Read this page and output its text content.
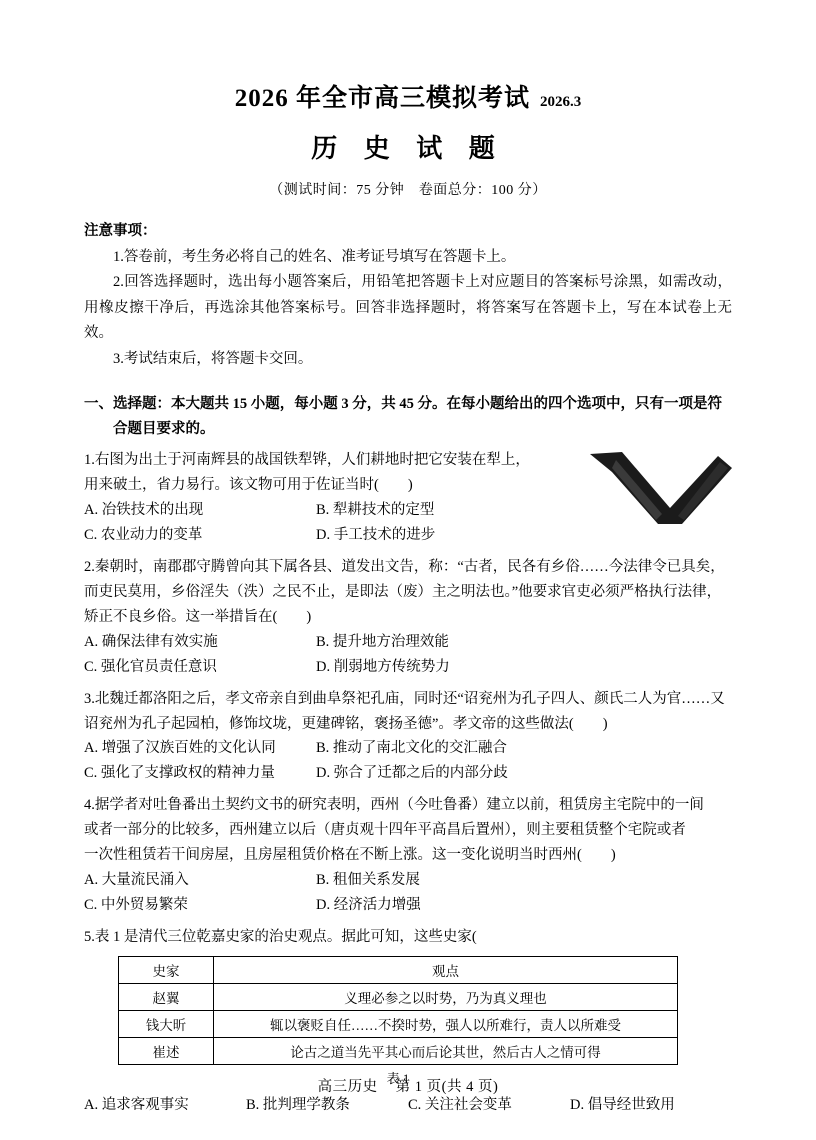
2026 年全市高三模拟考试 2026.3
历 史 试 题
（测试时间：75 分钟　卷面总分：100 分）
注意事项：

1.答卷前，考生务必将自己的姓名、准考证号填写在答题卡上。

2.回答选择题时，选出每小题答案后，用铅笔把答题卡上对应题目的答案标号涂黑，如需改动，用橡皮擦干净后，再选涂其他答案标号。回答非选择题时，将答案写在答题卡上，写在本试卷上无效。

3.考试结束后，将答题卡交回。

一、选择题：本大题共 15 小题，每小题 3 分，共 45 分。在每小题给出的四个选项中，只有一项是符
合题目要求的。
1.右图为出土于河南辉县的战国铁犁铧，人们耕地时把它安装在犁上，
用来破土，省力易行。该文物可用于佐证当时(　　)
A. 冶铁技术的出现	B. 犁耕技术的定型
C. 农业动力的变革	D. 手工技术的进步
2.秦朝时，南郡郡守腾曾向其下属各县、道发出文告，称：“古者，民各有乡俗……今法律令已具矣，
而吏民莫用，乡俗淫失（泆）之民不止，是即法（废）主之明法也。”他要求官吏必须严格执行法律，
矫正不良乡俗。这一举措旨在(　　)
A. 确保法律有效实施	B. 提升地方治理效能
C. 强化官员责任意识	D. 削弱地方传统势力
3.北魏迁都洛阳之后，孝文帝亲自到曲阜祭祀孔庙，同时还“诏兖州为孔子四人、颜氏二人为官……又
诏兖州为孔子起园柏，修饰坟垅，更建碑铭，褒扬圣德”。孝文帝的这些做法(　　)
A. 增强了汉族百姓的文化认同	B. 推动了南北文化的交汇融合
C. 强化了支撑政权的精神力量	D. 弥合了迁都之后的内部分歧
4.据学者对吐鲁番出土契约文书的研究表明，西州（今吐鲁番）建立以前，租赁房主宅院中的一间
或者一部分的比较多，西州建立以后（唐贞观十四年平高昌后置州），则主要租赁整个宅院或者
一次性租赁若干间房屋，且房屋租赁价格在不断上涨。这一变化说明当时西州(　　)
A. 大量流民涌入	B. 租佃关系发展
C. 中外贸易繁荣	D. 经济活力增强
5.表 1 是清代三位乾嘉史家的治史观点。据此可知，这些史家(
史家	观点
赵翼	义理必参之以时势，乃为真义理也
钱大昕	辄以褒贬自任……不揆时势，强人以所难行，责人以所难受
崔述	论古之道当先平其心而后论其世，然后古人之情可得
表 1
A. 追求客观事实	B. 批判理学教条	C. 关注社会变革	D. 倡导经世致用
高三历史 第 1 页(共 4 页)
